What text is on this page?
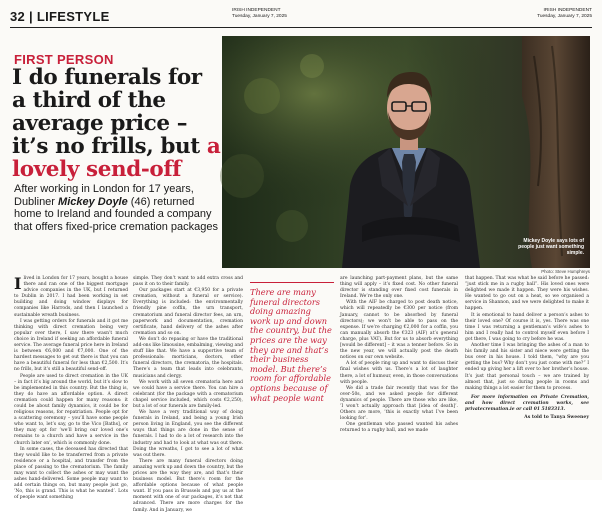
32 | LIFESTYLE	IRISH INDEPENDENT
Tuesday, January 7, 2025
IRISH INDEPENDENT
Tuesday, January 7, 2025
FIRST PERSON
I do funerals for a third of the average price – it’s no frills, but a lovely send-off
After working in London for 17 years, Dubliner Mickey Doyle (46) returned home to Ireland and founded a company that offers fixed-price cremation packages
Mickey Doyle says lots of people just want something simple.
Photo: Steve Humphreys

Ilived in London for 17 years, bought a house there and ran one of the biggest mortgage advice companies in the UK, but I returned to Dublin in 2017. I had been working in set building and doing window displays for companies like Harrods, and then I launched a sustainable wreath business.

I was getting orders for funerals and it got me thinking with direct cremation being very popular over there, I saw there wasn’t much choice in Ireland if seeking an affordable funeral service. The average funeral price here in Ireland is between €6,000 and €7,000. One of the hardest messages to get out there is that you can have a beautiful funeral for less than €2,500. It’s no frills, but it’s still a beautiful send-off.

People are used to direct cremation in the UK – in fact it’s big around the world, but it’s slow to be implemented in this country. But the thing is, they do have an affordable option. A direct cremation could happen for many reasons: it could be about family dynamics, it could be for religious reasons, for repatriation. People opt for a scattering ceremony – you’ll have some people who want to, let’s say, go to the Vico [Baths], or they may opt for ‘we’ll bring our loved one’s remains to a church and have a service in the church later on’, which is commonly done.

In some cases, the deceased has directed that they would like to be transferred from a private residence or a hospital, and transfer from the place of passing to the crematorium. The family may want to collect the ashes or may want the ashes hand-delivered. Some people may want to add certain things on, but many people just go, ‘No, this is grand. This is what he wanted’. Lots of people want something

simple. They don’t want to add extra cross and pass it on to their family.

Our packages start at €3,950 for a private cremation, without a funeral or service). Everything is included: the environmentally friendly pine coffin, the urn transport, crematorium and funeral director fees, an urn, paperwork and documentation, cremation certificate, hand delivery of the ashes after cremation and so on.

We don’t do repasing or have the traditional add-ons like limousine, embalming, viewing and stuff like that. We have a supportive team of professionals: morticians, doctors, other funeral directors, the crematoria, the hospitals. There’s a team that leads into celebrants, musicians and clergy.

We work with all seven crematoria here and we could have a service there. You can hire a celebrant (for the package with a crematorium chapel service included, which costs €2,250), but a lot of our funerals are family-led.

We have a very traditional way of doing funerals in Ireland, and being a young Irish person living in England, you see the different ways that things are done in the sense of funerals. I had to do a lot of research into the industry and had to look at what was out there. Doing the wreaths, I got to see a lot of what was out there.

There are many funeral directors doing amazing work up and down the country, but the prices are the way they are, and that’s their business model. But there’s room for the affordable options because of what people want. If you pass in Brussels and pay us at the moment with one of our packages, it’s not that advanced. There are more charges for the family. And in January, we

There are many funeral directors doing amazing work up and down the country, but the prices are the way they are and that’s their business model. But there’s room for affordable options because of what people want

are launching part-payment plans, but the same thing will apply – it’s fixed cost. No other funeral director is standing over fixed cost funerals in Ireland. We’re the only one.

With the AIF be charged to post death notice, which will repeatedly be €300 per notice (from January, cannot to be absorbed by funeral directors); we won’t be able to pass on the expense. If we’re charging €2,000 for a coffin, you can manually absorb the €323 (AIF) at’s general charge, plus VAT). But for us to absorb everything [would be different] – it was a tenner before. So in the new year, we will actually post the death notices on our own website.

A lot of people ring up and want to discuss their final wishes with us. There’s a lot of laughter there, a lot of humour, even, in those conversations with people.

We did a trade fair recently that was for the over-50s, and we asked people for different dynamics of people. There are those who are like, ‘I won’t actually approach that [idea of death]’. Others are more, ‘this is exactly what I’ve been looking for’.

One gentleman who passed wanted his ashes returned to a rugby ball, and we made

that happen. That was what he said before he passed: “just stick me in a rugby ball”. His loved ones were delighted we made it happen. They were his wishes. He wanted to go out on a heat, so we organised a service in Shannon, and we were delighted to make it happen.

It is emotional to hand deliver a person’s ashes to their loved one? Of course it is, yes. There was one time I was returning a gentleman’s wife’s ashes to him and I really had to control myself even before I got there, I was going to cry before he was.

Another time I was bringing the ashes of a man to his family and his sister and niece were getting the bus over in his house. I told them, “why are you getting the bus? Why don’t you just come with me?” I ended up giving her a lift over to her brother’s house. It’s just that personal touch – we are trained by almost that, just so during people in rooms and making things a lot easier for them to process.

For more information on Private Cremation, and how direct cremation works, see privatecremation.ie or call 01 5183313.

As told to Tanya Sweeney
